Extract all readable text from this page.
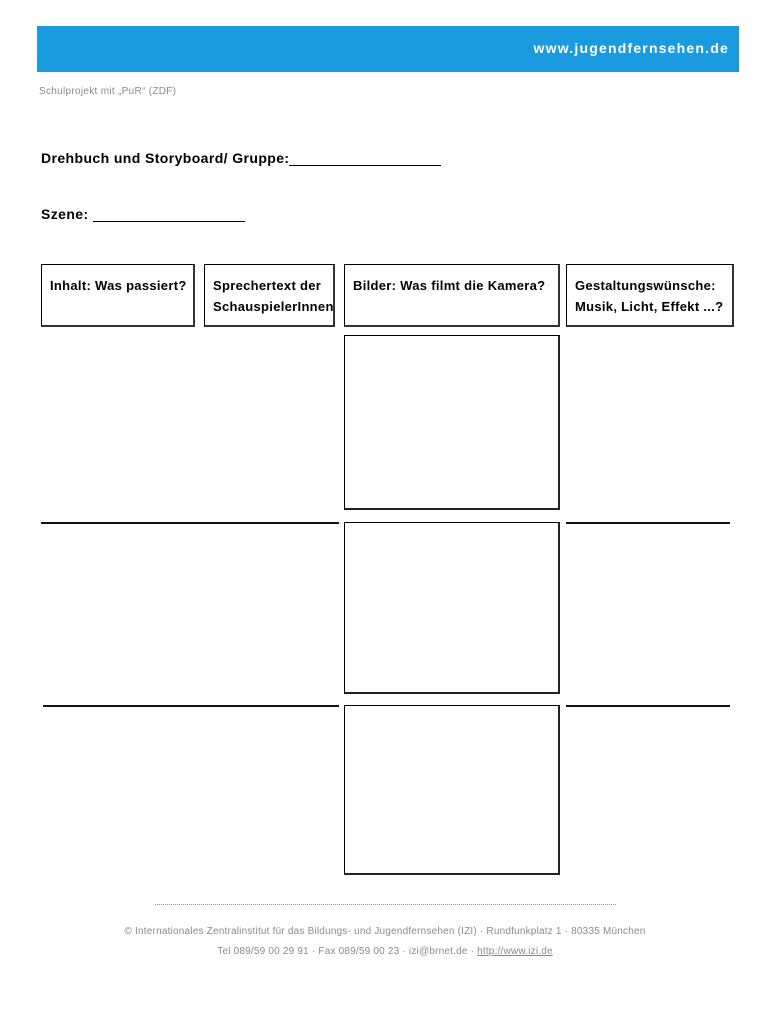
www.jugendfernsehen.de
Schulprojekt mit „PuR“ (ZDF)
Drehbuch und Storyboard/ Gruppe:
Szene:
Inhalt: Was passiert?	Sprechertext der SchauspielerInnen
Bilder: Was filmt die Kamera?	Gestaltungswünsche: Musik, Licht, Effekt ...?
© Internationales Zentralinstitut für das Bildungs- und Jugendfernsehen (IZI) · Rundfunkplatz 1 · 80335 München
Tel 089/59 00 29 91 · Fax 089/59 00 23 · izi@brnet.de · http://www.izi.de
